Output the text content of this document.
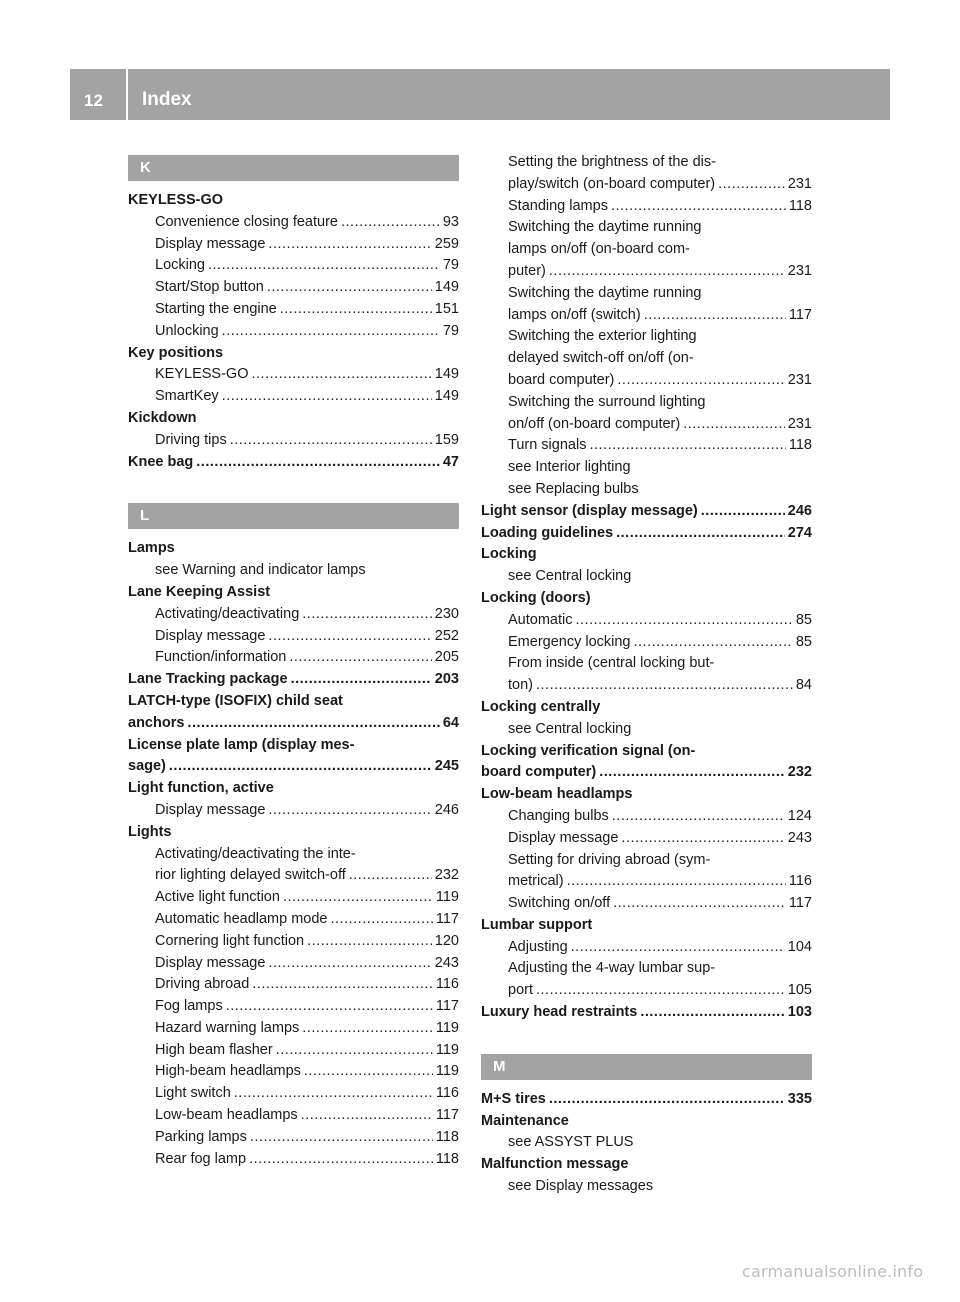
12 Index
K
KEYLESS-GO
Convenience closing feature .....	93
Display message .....	259
Locking .....	79
Start/Stop button .....	149
Starting the engine .....	151
Unlocking .....	79
Key positions
KEYLESS-GO .....	149
SmartKey .....	149
Kickdown
Driving tips .....	159
Knee bag .....	47
L
Lamps
see Warning and indicator lamps
Lane Keeping Assist
Activating/deactivating .....	230
Display message .....	252
Function/information .....	205
Lane Tracking package .....	203
LATCH-type (ISOFIX) child seat
anchors .....	64
License plate lamp (display mes-
sage) .....	245
Light function, active
Display message .....	246
Lights
Activating/deactivating the inte-
rior lighting delayed switch-off .....	232
Active light function .....	119
Automatic headlamp mode .....	117
Cornering light function .....	120
Display message .....	243
Driving abroad .....	116
Fog lamps .....	117
Hazard warning lamps .....	119
High beam flasher .....	119
High-beam headlamps .....	119
Light switch .....	116
Low-beam headlamps .....	117
Parking lamps .....	118
Rear fog lamp .....	118
Setting the brightness of the dis-
play/switch (on-board computer) .....	231
Standing lamps .....	118
Switching the daytime running
lamps on/off (on-board com-
puter) .....	231
Switching the daytime running
lamps on/off (switch) .....	117
Switching the exterior lighting
delayed switch-off on/off (on-
board computer) .....	231
Switching the surround lighting
on/off (on-board computer) .....	231
Turn signals .....	118
see Interior lighting
see Replacing bulbs
Light sensor (display message) .....	246
Loading guidelines .....	274
Locking
see Central locking
Locking (doors)
Automatic .....	85
Emergency locking .....	85
From inside (central locking but-
ton) .....	84
Locking centrally
see Central locking
Locking verification signal (on-
board computer) .....	232
Low-beam headlamps
Changing bulbs .....	124
Display message .....	243
Setting for driving abroad (sym-
metrical) .....	116
Switching on/off .....	117
Lumbar support
Adjusting .....	104
Adjusting the 4-way lumbar sup-
port .....	105
Luxury head restraints .....	103
M
M+S tires .....	335
Maintenance
see ASSYST PLUS
Malfunction message
see Display messages
carmanualsonline.info
